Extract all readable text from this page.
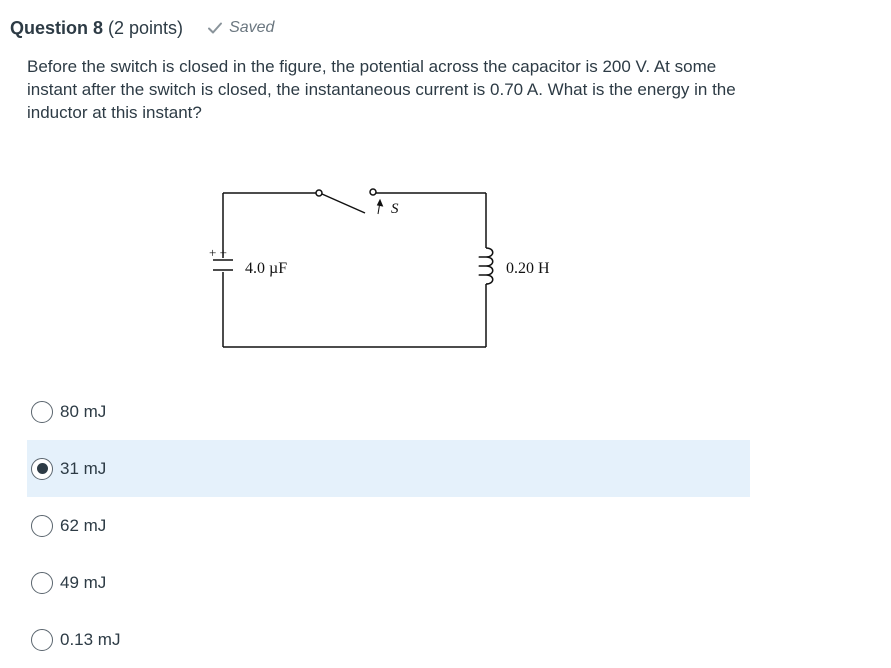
Question 8 (2 points)	Saved
Before the switch is closed in the figure, the potential across the capacitor is 200 V. At some instant after the switch is closed, the instantaneous current is 0.70 A. What is the energy in the inductor at this instant?
S
+ +
4.0 µF	0.20 H
80 mJ
31 mJ
62 mJ
49 mJ
0.13 mJ
